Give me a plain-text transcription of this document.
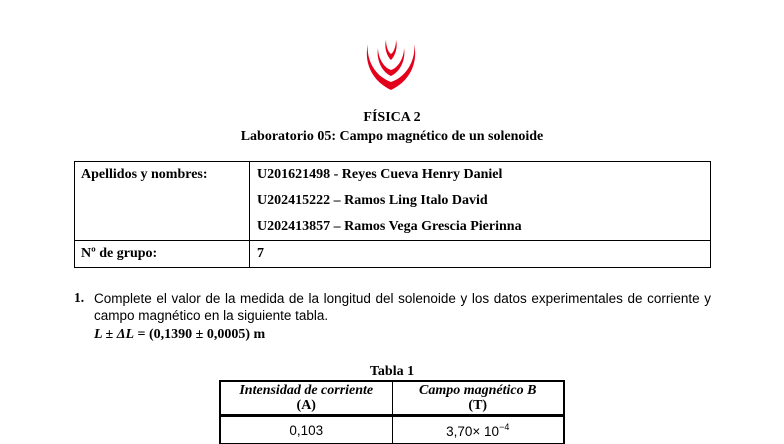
FÍSICA 2
Laboratorio 05: Campo magnético de un solenoide
Apellidos y nombres:	U201621498 - Reyes Cueva Henry Daniel
U202415222 – Ramos Ling Italo David
U202413857 – Ramos Vega Grescia Pierinna

Nº de grupo:	7
1. Complete el valor de la medida de la longitud del solenoide y los datos experimentales de corriente y campo magnético en la siguiente tabla.
L ± ΔL = (0,1390 ± 0,0005) m
Tabla 1
Intensidad de corriente
(A)	Campo magnético B
(T)
0,103	$3,70\times 10^{-4}$
